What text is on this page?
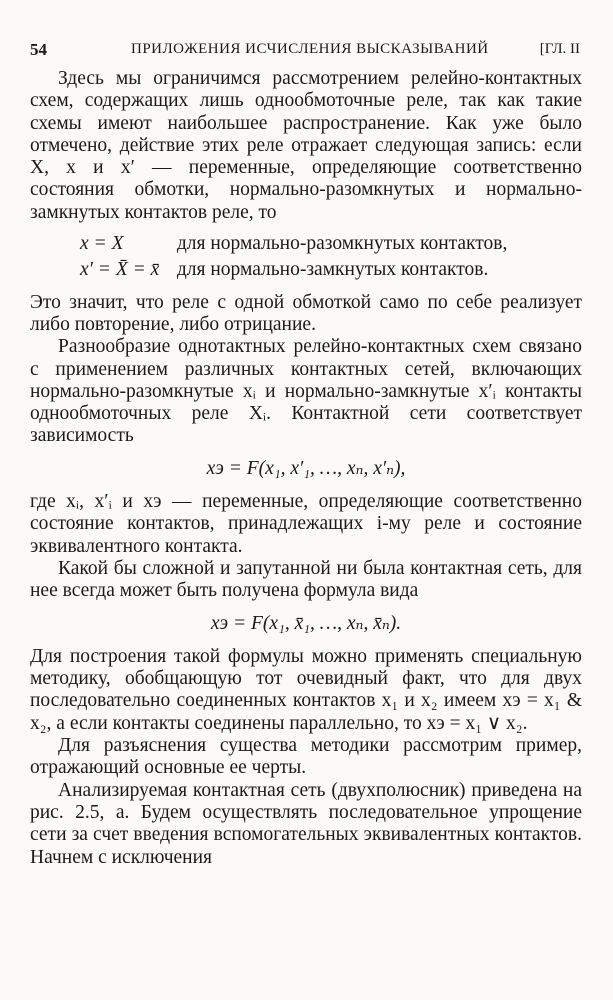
54	ПРИЛОЖЕНИЯ ИСЧИСЛЕНИЯ ВЫСКАЗЫВАНИЙ	[ГЛ. II

Здесь мы ограничимся рассмотрением релейно-контактных схем, содержащих лишь однообмоточные реле, так как такие схемы имеют наибольшее распространение. Как уже было отмечено, действие этих реле отражает следующая запись: если X, x и x′ — переменные, определяющие соответственно состояния обмотки, нормально-разомкнутых и нормально-замкнутых контактов реле, то

x = X	для нормально-разомкнутых контактов,
x′ = X̄ = x̄ для нормально-замкнутых контактов.

Это значит, что реле с одной обмоткой само по себе реализует либо повторение, либо отрицание.

Разнообразие однотактных релейно-контактных схем связано с применением различных контактных сетей, включающих нормально-разомкнутые xᵢ и нормально-замкнутые x′ᵢ контакты однообмоточных реле Xᵢ. Контактной сети соответствует зависимость

xэ = F(x₁, x′₁, …, xₙ, x′ₙ),

где xᵢ, x′ᵢ и xэ — переменные, определяющие соответственно состояние контактов, принадлежащих i-му реле и состояние эквивалентного контакта.

Какой бы сложной и запутанной ни была контактная сеть, для нее всегда может быть получена формула вида

xэ = F(x₁, x̄₁, …, xₙ, x̄ₙ).

Для построения такой формулы можно применять специальную методику, обобщающую тот очевидный факт, что для двух последовательно соединенных контактов x₁ и x₂ имеем xэ = x₁ & x₂, а если контакты соединены параллельно, то xэ = x₁ ∨ x₂.

Для разъяснения существа методики рассмотрим пример, отражающий основные ее черты.

Анализируемая контактная сеть (двухполюсник) приведена на рис. 2.5, а. Будем осуществлять последовательное упрощение сети за счет введения вспомогательных эквивалентных контактов. Начнем с исключения
